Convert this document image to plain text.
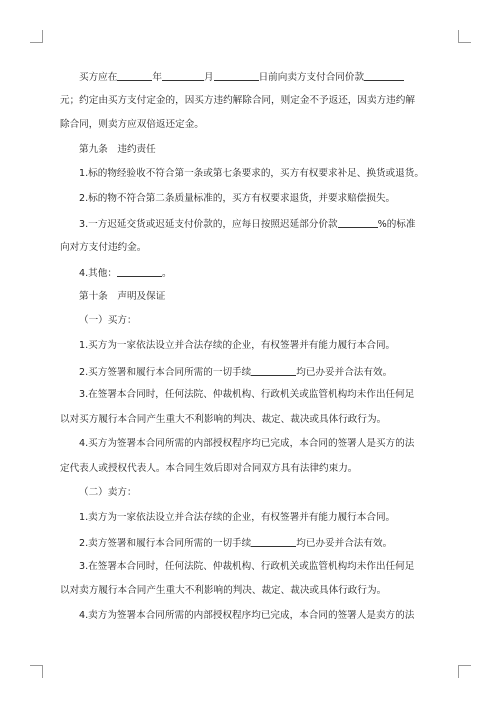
买方应在	年	月	日前向卖方支付合同价款
元；约定由买方支付定金的，因买方违约解除合同，则定金不予返还，因卖方违约解
除合同，则卖方应双倍返还定金。
第九条　违约责任
1.标的物经验收不符合第一条或第七条要求的，买方有权要求补足、换货或退货。
2.标的物不符合第二条质量标准的，买方有权要求退货，并要求赔偿损失。
3.一方迟延交货或迟延支付价款的，应每日按照迟延部分价款	%的标准
向对方支付违约金。
4.其他：	。
第十条　声明及保证
（一）买方：
1.买方为一家依法设立并合法存续的企业，有权签署并有能力履行本合同。
2.买方签署和履行本合同所需的一切手续	均已办妥并合法有效。
3.在签署本合同时，任何法院、仲裁机构、行政机关或监管机构均未作出任何足
以对买方履行本合同产生重大不利影响的判决、裁定、裁决或具体行政行为。
4.买方为签署本合同所需的内部授权程序均已完成，本合同的签署人是买方的法
定代表人或授权代表人。本合同生效后即对合同双方具有法律约束力。
（二）卖方：
1.卖方为一家依法设立并合法存续的企业，有权签署并有能力履行本合同。
2.卖方签署和履行本合同所需的一切手续	均已办妥并合法有效。
3.在签署本合同时，任何法院、仲裁机构、行政机关或监管机构均未作出任何足
以对卖方履行本合同产生重大不利影响的判决、裁定、裁决或具体行政行为。
4.卖方为签署本合同所需的内部授权程序均已完成，本合同的签署人是卖方的法
